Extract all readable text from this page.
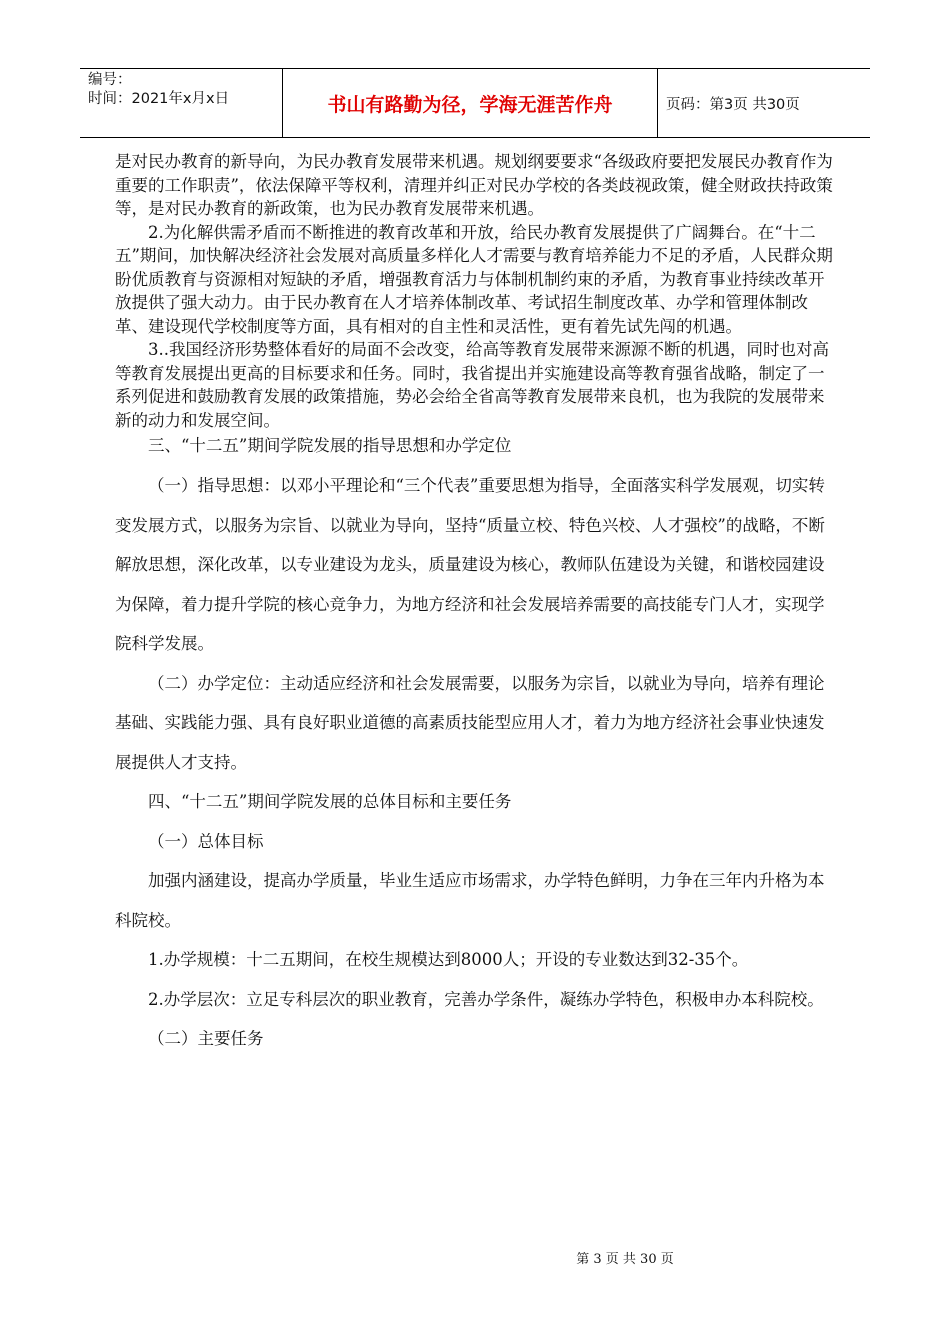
编号：
时间：2021年x月x日	书山有路勤为径，学海无涯苦作舟	页码：第3页 共30页

是对民办教育的新导向，为民办教育发展带来机遇。规划纲要要求“各级政府要把发展民办教育作为重要的工作职责”，依法保障平等权利，清理并纠正对民办学校的各类歧视政策，健全财政扶持政策等，是对民办教育的新政策，也为民办教育发展带来机遇。

2.为化解供需矛盾而不断推进的教育改革和开放，给民办教育发展提供了广阔舞台。在“十二五”期间，加快解决经济社会发展对高质量多样化人才需要与教育培养能力不足的矛盾，人民群众期盼优质教育与资源相对短缺的矛盾，增强教育活力与体制机制约束的矛盾，为教育事业持续改革开放提供了强大动力。由于民办教育在人才培养体制改革、考试招生制度改革、办学和管理体制改革、建设现代学校制度等方面，具有相对的自主性和灵活性，更有着先试先闯的机遇。

3..我国经济形势整体看好的局面不会改变，给高等教育发展带来源源不断的机遇，同时也对高等教育发展提出更高的目标要求和任务。同时，我省提出并实施建设高等教育强省战略，制定了一系列促进和鼓励教育发展的政策措施，势必会给全省高等教育发展带来良机，也为我院的发展带来新的动力和发展空间。

三、“十二五”期间学院发展的指导思想和办学定位

（一）指导思想：以邓小平理论和“三个代表”重要思想为指导，全面落实科学发展观，切实转变发展方式，以服务为宗旨、以就业为导向，坚持“质量立校、特色兴校、人才强校”的战略，不断解放思想，深化改革，以专业建设为龙头，质量建设为核心，教师队伍建设为关键，和谐校园建设为保障，着力提升学院的核心竞争力，为地方经济和社会发展培养需要的高技能专门人才，实现学院科学发展。

（二）办学定位：主动适应经济和社会发展需要，以服务为宗旨，以就业为导向，培养有理论基础、实践能力强、具有良好职业道德的高素质技能型应用人才，着力为地方经济社会事业快速发展提供人才支持。

四、“十二五”期间学院发展的总体目标和主要任务

（一）总体目标

加强内涵建设，提高办学质量，毕业生适应市场需求，办学特色鲜明，力争在三年内升格为本科院校。

1.办学规模：十二五期间，在校生规模达到8000人；开设的专业数达到32-35个。

2.办学层次：立足专科层次的职业教育，完善办学条件，凝练办学特色，积极申办本科院校。

（二）主要任务

第 3 页 共 30 页
